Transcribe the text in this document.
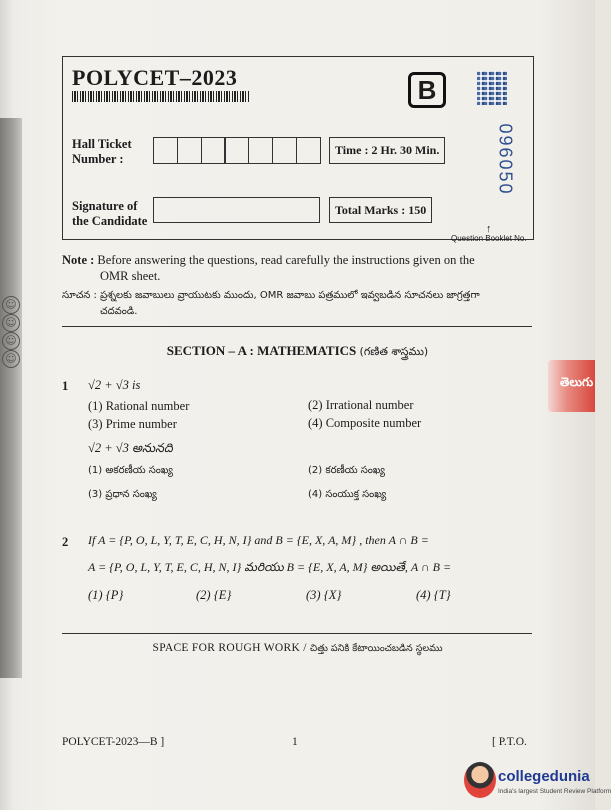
☺
☺
☺
☺
తెలుగు
POLYCET–2023	B
096050
Hall Ticket
Number :
Time : 2 Hr. 30 Min.
Signature of
the Candidate
Total Marks : 150
↑
Question Booklet No.
Note : Before answering the questions, read carefully the instructions given on the
OMR sheet.
సూచన : ప్రశ్నలకు జవాబులు వ్రాయుటకు ముందు, OMR జవాబు పత్రములో ఇవ్వబడిన సూచనలు జాగ్రత్తగా
చదవండి.
SECTION – A : MATHEMATICS (గణిత శాస్త్రము)
1 √2 + √3 is
(1) Rational number	(2) Irrational number
(3) Prime number	(4) Composite number
√2 + √3 అనునది
(1) అకరణీయ సంఖ్య	(2) కరణీయ సంఖ్య
(3) ప్రధాన సంఖ్య	(4) సంయుక్త సంఖ్య
2 If A = {P, O, L, Y, T, E, C, H, N, I} and B = {E, X, A, M} , then A ∩ B =
A = {P, O, L, Y, T, E, C, H, N, I} మరియు B = {E, X, A, M} అయితే, A ∩ B =
(1) {P}	(2) {E}	(3) {X}	(4) {T}
SPACE FOR ROUGH WORK / చిత్తు పనికి కేటాయించబడిన స్థలము
POLYCET-2023—B ]	1	[ P.T.O.
collegedunia
India's largest Student Review Platform
